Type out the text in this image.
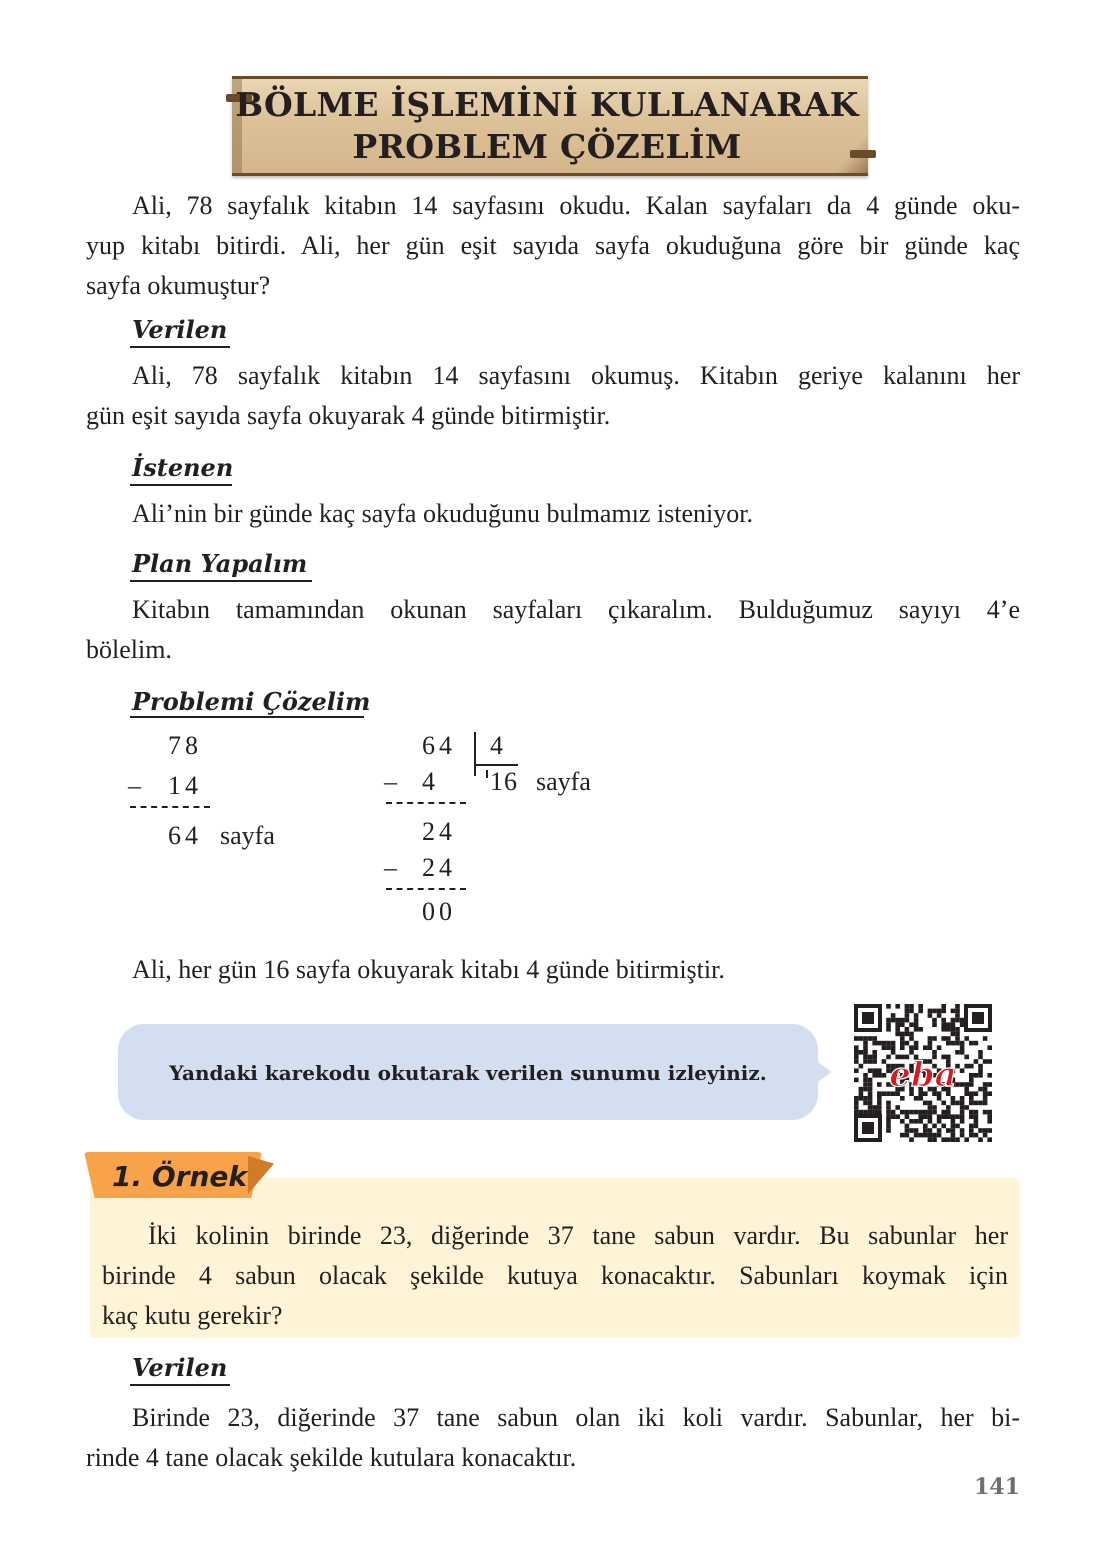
BÖLME İŞLEMİNİ KULLANARAK
PROBLEM ÇÖZELİM

Ali, 78 sayfalık kitabın 14 sayfasını okudu. Kalan sayfaları da 4 günde oku-

yup kitabı bitirdi. Ali, her gün eşit sayıda sayfa okuduğuna göre bir günde kaç

sayfa okumuştur?

Verilen

Ali, 78 sayfalık kitabın 14 sayfasını okumuş. Kitabın geriye kalanını her

gün eşit sayıda sayfa okuyarak 4 günde bitirmiştir.

İstenen

Ali’nin bir günde kaç sayfa okuduğunu bulmamız isteniyor.

Plan Yapalım

Kitabın tamamından okunan sayfaları çıkaralım. Bulduğumuz sayıyı 4’e

bölelim.

Problemi Çözelim
78
– 14
64 sayfa
64 4
– 4 16 sayfa
24
– 24
00

Ali, her gün 16 sayfa okuyarak kitabı 4 günde bitirmiştir.

Yandaki karekodu okutarak verilen sunumu izleyiniz.	eba
1. Örnek

İki kolinin birinde 23, diğerinde 37 tane sabun vardır. Bu sabunlar her

birinde 4 sabun olacak şekilde kutuya konacaktır. Sabunları koymak için

kaç kutu gerekir?

Verilen

Birinde 23, diğerinde 37 tane sabun olan iki koli vardır. Sabunlar, her bi-

rinde 4 tane olacak şekilde kutulara konacaktır.

141
